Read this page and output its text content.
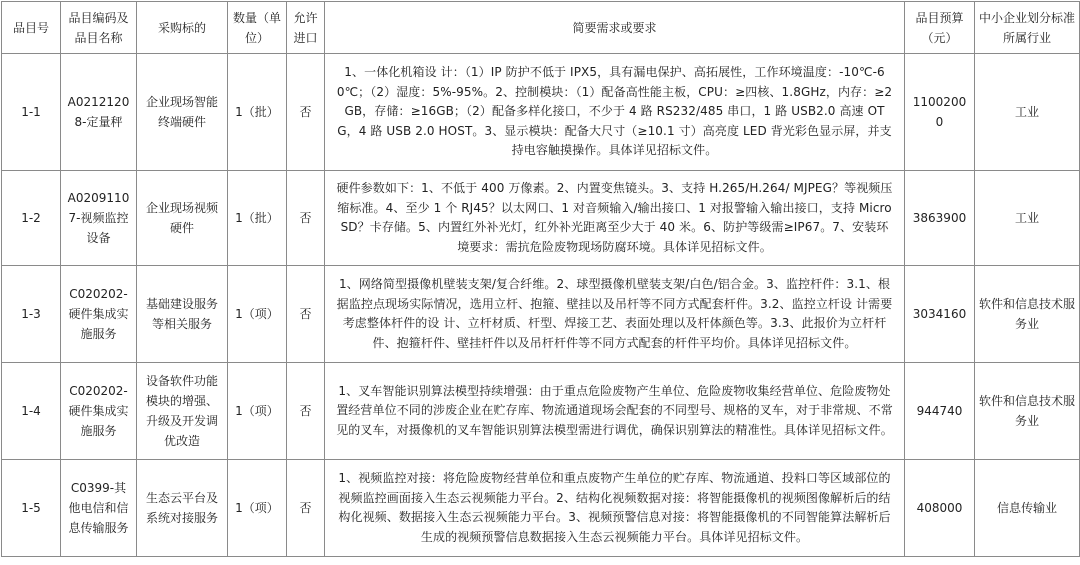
品目号	品目编码及品目名称	采购标的	数量（单位）	允许进口	简要需求或要求	品目预算（元）	中小企业划分标准所属行业
1-1	A02121208-定量秤	企业现场智能终端硬件	1（批）	否	1、一体化机箱设 计：（1）IP 防护不低于 IPX5，具有漏电保护、高拓展性，工作环境温度：-10℃-60℃；（2）湿度：5%-95%。2、控制模块：（1）配备高性能主板，CPU：≥四核、1.8GHz，内存：≥2GB，存储：≥16GB；（2）配备多样化接口，不少于 4 路 RS232/485 串口，1 路 USB2.0 高速 OTG，4 路 USB 2.0 HOST。3、显示模块：配备大尺寸（≥10.1 寸）高亮度 LED 背光彩色显示屏，并支持电容触摸操作。具体详见招标文件。	11002000	工业
1-2	A02091107-视频监控设备	企业现场视频硬件	1（批）	否	硬件参数如下：1、不低于 400 万像素。2、内置变焦镜头。3、支持 H.265/H.264/ MJPEG？等视频压缩标准。4、至少 1 个 RJ45？以太网口、1 对音频输入/输出接口、1 对报警输入输出接口，支持 Micro SD？卡存储。5、内置红外补光灯，红外补光距离至少大于 40 米。6、防护等级需≥IP67。7、安装环境要求：需抗危险废物现场防腐环境。具体详见招标文件。	3863900	工业
1-3	C020202-硬件集成实施服务	基础建设服务等相关服务	1（项）	否	1、网络简型摄像机壁装支架/复合纤维。2、球型摄像机壁装支架/白色/铝合金。3、监控杆件：3.1、根据监控点现场实际情况，选用立杆、抱箍、壁挂以及吊杆等不同方式配套杆件。3.2、监控立杆设 计需要考虑整体杆件的设 计、立杆材质、杆型、焊接工艺、表面处理以及杆体颜色等。3.3、此报价为立杆杆件、抱箍杆件、壁挂杆件以及吊杆杆件等不同方式配套的杆件平均价。具体详见招标文件。	3034160	软件和信息技术服务业
1-4	C020202-硬件集成实施服务	设备软件功能模块的增强、升级及开发调优改造	1（项）	否	1、叉车智能识别算法模型持续增强：由于重点危险废物产生单位、危险废物收集经营单位、危险废物处置经营单位不同的涉废企业在贮存库、物流通道现场会配套的不同型号、规格的叉车，对于非常规、不常见的叉车，对摄像机的叉车智能识别算法模型需进行调优，确保识别算法的精准性。具体详见招标文件。	944740	软件和信息技术服务业
1-5	C0399-其他电信和信息传输服务	生态云平台及系统对接服务	1（项）	否	1、视频监控对接：将危险废物经营单位和重点废物产生单位的贮存库、物流通道、投料口等区域部位的视频监控画面接入生态云视频能力平台。2、结构化视频数据对接：将智能摄像机的视频图像解析后的结构化视频、数据接入生态云视频能力平台。3、视频预警信息对接：将智能摄像机的不同智能算法解析后生成的视频预警信息数据接入生态云视频能力平台。具体详见招标文件。	408000	信息传输业
